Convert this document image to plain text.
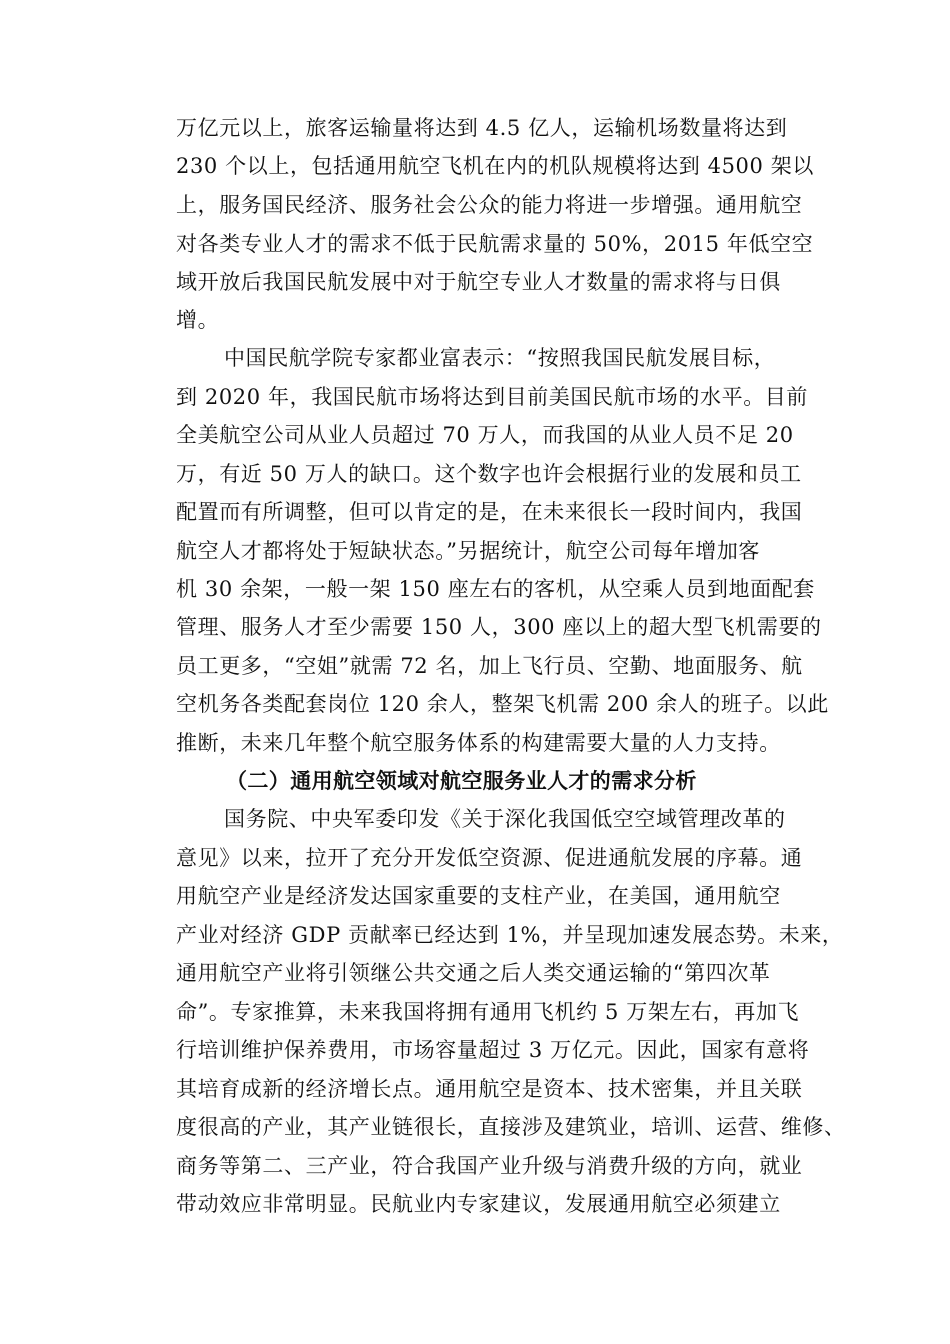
万亿元以上，旅客运输量将达到 4.5 亿人，运输机场数量将达到
230 个以上，包括通用航空飞机在内的机队规模将达到 4500 架以
上，服务国民经济、服务社会公众的能力将进一步增强。通用航空
对各类专业人才的需求不低于民航需求量的 50%，2015 年低空空
域开放后我国民航发展中对于航空专业人才数量的需求将与日俱
增。
中国民航学院专家都业富表示：“按照我国民航发展目标，
到 2020 年，我国民航市场将达到目前美国民航市场的水平。目前
全美航空公司从业人员超过 70 万人，而我国的从业人员不足 20
万，有近 50 万人的缺口。这个数字也许会根据行业的发展和员工
配置而有所调整，但可以肯定的是，在未来很长一段时间内，我国
航空人才都将处于短缺状态。”另据统计，航空公司每年增加客
机 30 余架，一般一架 150 座左右的客机，从空乘人员到地面配套
管理、服务人才至少需要 150 人，300 座以上的超大型飞机需要的
员工更多，“空姐”就需 72 名，加上飞行员、空勤、地面服务、航
空机务各类配套岗位 120 余人，整架飞机需 200 余人的班子。以此
推断，未来几年整个航空服务体系的构建需要大量的人力支持。
（二）通用航空领域对航空服务业人才的需求分析
国务院、中央军委印发《关于深化我国低空空域管理改革的
意见》以来，拉开了充分开发低空资源、促进通航发展的序幕。通
用航空产业是经济发达国家重要的支柱产业，在美国，通用航空
产业对经济 GDP 贡献率已经达到 1%，并呈现加速发展态势。未来，
通用航空产业将引领继公共交通之后人类交通运输的“第四次革
命”。专家推算，未来我国将拥有通用飞机约 5 万架左右，再加飞
行培训维护保养费用，市场容量超过 3 万亿元。因此，国家有意将
其培育成新的经济增长点。通用航空是资本、技术密集，并且关联
度很高的产业，其产业链很长，直接涉及建筑业，培训、运营、维修、
商务等第二、三产业，符合我国产业升级与消费升级的方向，就业
带动效应非常明显。民航业内专家建议，发展通用航空必须建立
